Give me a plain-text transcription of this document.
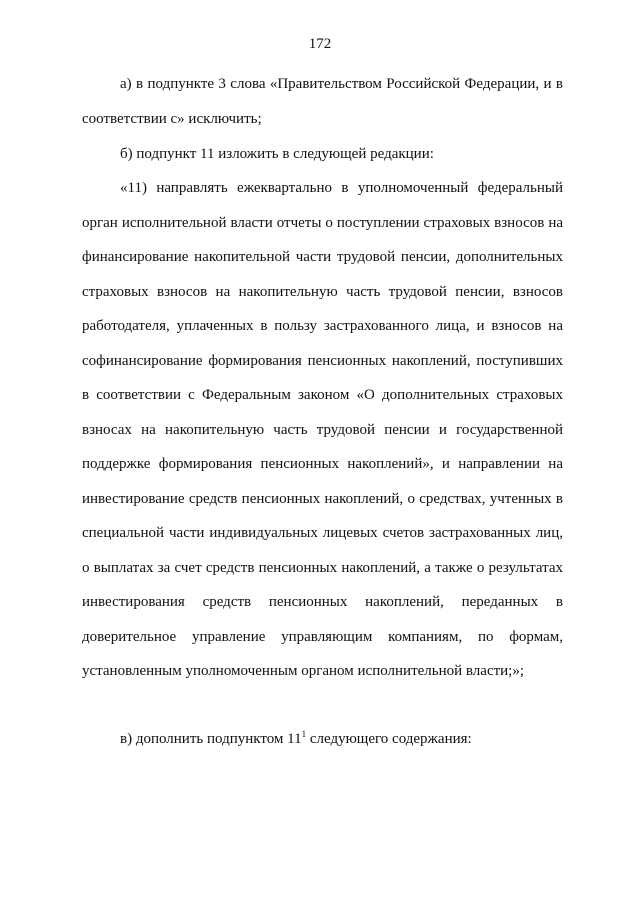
172

а) в подпункте 3 слова «Правительством Российской Федерации, и в соответствии с» исключить;

б) подпункт 11 изложить в следующей редакции:

«11) направлять ежеквартально в уполномоченный федеральный орган исполнительной власти отчеты о поступлении страховых взносов на финансирование накопительной части трудовой пенсии, дополнительных страховых взносов на накопительную часть трудовой пенсии, взносов работодателя, уплаченных в пользу застрахованного лица, и взносов на софинансирование формирования пенсионных накоплений, поступивших в соответствии с Федеральным законом «О дополнительных страховых взносах на накопительную часть трудовой пенсии и государственной поддержке формирования пенсионных накоплений», и направлении на инвестирование средств пенсионных накоплений, о средствах, учтенных в специальной части индивидуальных лицевых счетов застрахованных лиц, о выплатах за счет средств пенсионных накоплений, а также о результатах инвестирования средств пенсионных накоплений, переданных в доверительное управление управляющим компаниям, по формам, установленным уполномоченным органом исполнительной власти;»;

в) дополнить подпунктом $11^1$ следующего содержания:
